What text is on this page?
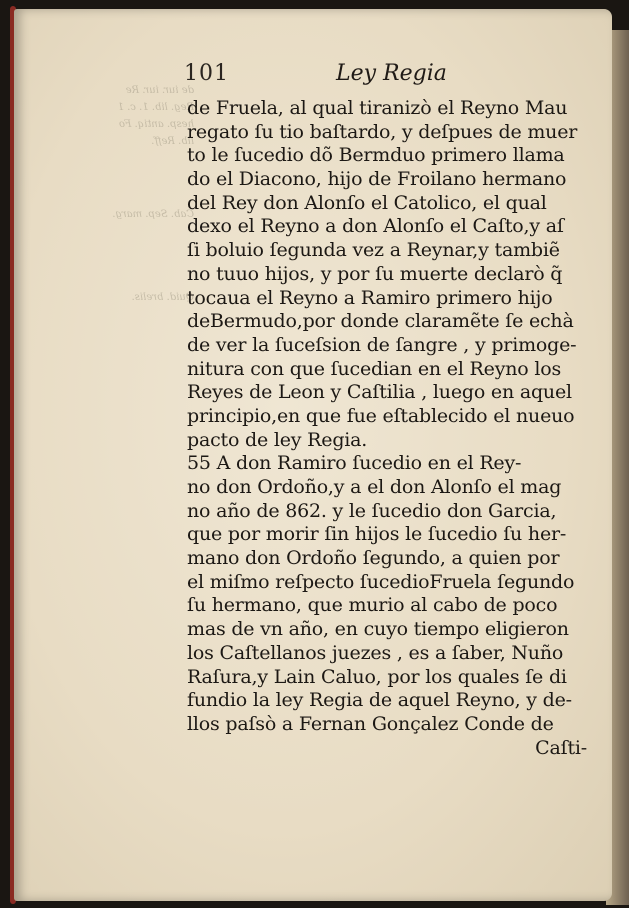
101	Ley Regia
de iur. iur. Re
Reg. lib. 1. c. 1
hesp. antiq. Fo
lib. Reff.
Cab. Sep. marg.
Quid. brelis.
de Fruela, al qual tiranizò el Reyno Mau
regato ſu tio baſtardo, y deſpues de muer
to le ſucedio dõ Bermduo primero llama
do el Diacono, hijo de Froilano hermano
del Rey don Alonſo el Catolico, el qual
dexo el Reyno a don Alonſo el Caſto,y aſ
ſi boluio ſegunda vez a Reynar,y tambiẽ
no tuuo hijos, y por ſu muerte declarò q̃
tocaua el Reyno a Ramiro primero hijo
deBermudo,por donde claramẽte ſe echà
de ver la ſuceſsion de ſangre , y primoge-
nitura con que ſucedian en el Reyno los
Reyes de Leon y Caſtilia , luego en aquel
principio,en que fue eſtablecido el nueuo
pacto de ley Regia.
55 A don Ramiro ſucedio en el Rey-
no don Ordoño,y a el don Alonſo el mag
no año de 862. y le ſucedio don Garcia,
que por morir ſin hijos le ſucedio ſu her-
mano don Ordoño ſegundo, a quien por
el miſmo reſpecto ſucedioFruela ſegundo
ſu hermano, que murio al cabo de poco
mas de vn año, en cuyo tiempo eligieron
los Caſtellanos juezes , es a ſaber, Nuño
Raſura,y Lain Caluo, por los quales ſe di
fundio la ley Regia de aquel Reyno, y de-
llos paſsò a Fernan Gonçalez Conde de
Caſti-
